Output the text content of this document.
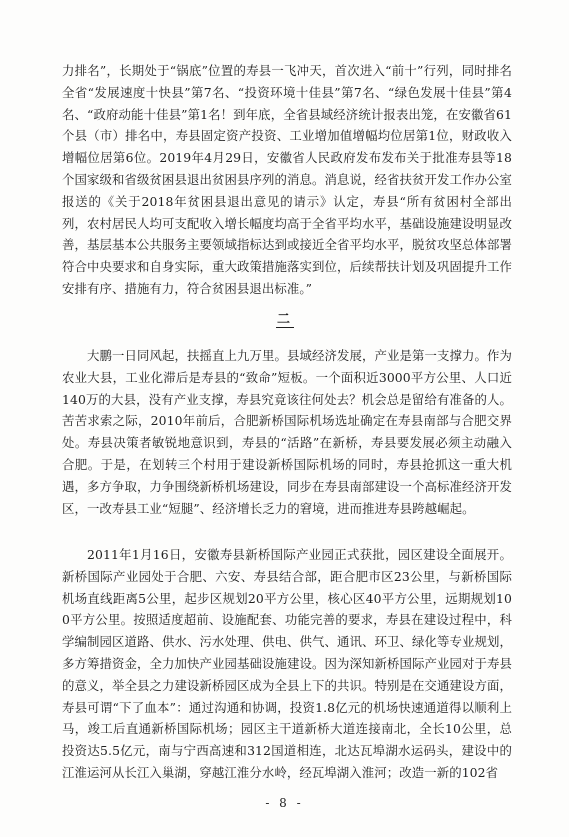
力排名”，长期处于“锅底”位置的寿县一飞冲天，首次进入“前十”行列，同时排名全省“发展速度十快县”第7名、“投资环境十佳县”第7名、“绿色发展十佳县”第4名、“政府动能十佳县”第1名！到年底，全省县域经济统计报表出笼，在安徽省61个县（市）排名中，寿县固定资产投资、工业增加值增幅均位居第1位，财政收入增幅位居第6位。2019年4月29日，安徽省人民政府发布发布关于批准寿县等18个国家级和省级贫困县退出贫困县序列的消息。消息说，经省扶贫开发工作办公室报送的《关于2018年贫困县退出意见的请示》认定，寿县“所有贫困村全部出列，农村居民人均可支配收入增长幅度均高于全省平均水平，基础设施建设明显改善，基层基本公共服务主要领域指标达到或接近全省平均水平，脱贫攻坚总体部署符合中央要求和自身实际，重大政策措施落实到位，后续帮扶计划及巩固提升工作安排有序、措施有力，符合贫困县退出标准。”

二

大鹏一日同风起，扶摇直上九万里。县域经济发展，产业是第一支撑力。作为农业大县，工业化滞后是寿县的“致命”短板。一个面积近3000平方公里、人口近140万的大县，没有产业支撑，寿县究竟该往何处去？机会总是留给有准备的人。苦苦求索之际，2010年前后，合肥新桥国际机场选址确定在寿县南部与合肥交界处。寿县决策者敏锐地意识到，寿县的“活路”在新桥，寿县要发展必须主动融入合肥。于是，在划转三个村用于建设新桥国际机场的同时，寿县抢抓这一重大机遇，多方争取，力争围绕新桥机场建设，同步在寿县南部建设一个高标准经济开发区，一改寿县工业“短腿”、经济增长乏力的窘境，进而推进寿县跨越崛起。

2011年1月16日，安徽寿县新桥国际产业园正式获批，园区建设全面展开。新桥国际产业园处于合肥、六安、寿县结合部，距合肥市区23公里，与新桥国际机场直线距离5公里，起步区规划20平方公里，核心区40平方公里，远期规划100平方公里。按照适度超前、设施配套、功能完善的要求，寿县在建设过程中，科学编制园区道路、供水、污水处理、供电、供气、通讯、环卫、绿化等专业规划，多方筹措资金，全力加快产业园基础设施建设。因为深知新桥国际产业园对于寿县的意义，举全县之力建设新桥园区成为全县上下的共识。特别是在交通建设方面，寿县可谓“下了血本”：通过沟通和协调，投资1.8亿元的机场快速通道得以顺利上马，竣工后直通新桥国际机场；园区主干道新桥大道连接南北，全长10公里，总投资达5.5亿元，南与宁西高速和312国道相连，北达瓦埠湖水运码头，建设中的江淮运河从长江入巢湖，穿越江淮分水岭，经瓦埠湖入淮河；改造一新的102省

- 8 -
